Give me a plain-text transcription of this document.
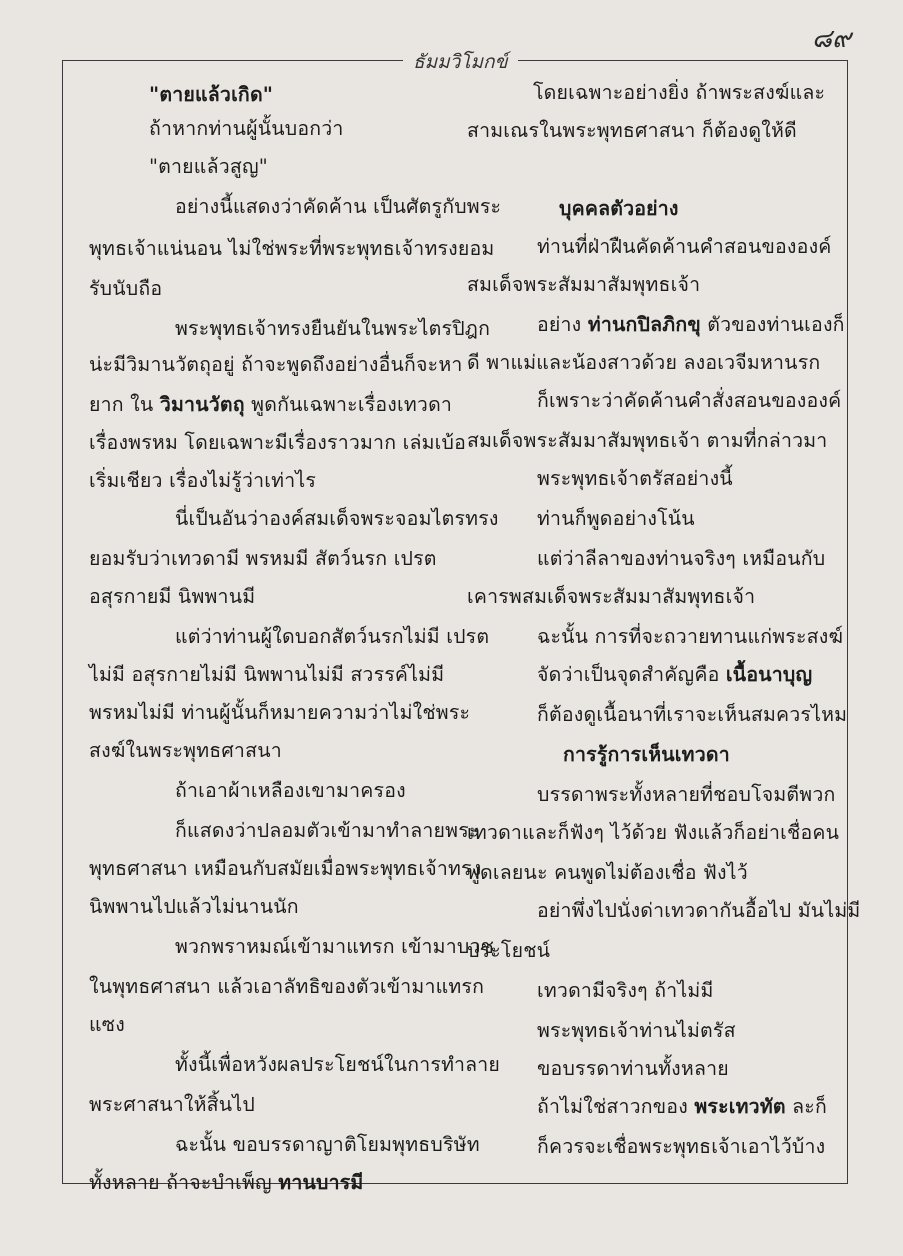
๘๙
ธัมมวิโมกข์
"ตายแล้วเกิด"
ถ้าหากท่านผู้นั้นบอกว่า
"ตายแล้วสูญ"
อย่างนี้แสดงว่าคัดค้าน เป็นศัตรูกับพระ
พุทธเจ้าแน่นอน ไม่ใช่พระที่พระพุทธเจ้าทรงยอม
รับนับถือ
พระพุทธเจ้าทรงยืนยันในพระไตรปิฎก
น่ะมีวิมานวัตถุอยู่ ถ้าจะพูดถึงอย่างอื่นก็จะหา
ยาก ใน วิมานวัตถุ พูดกันเฉพาะเรื่องเทวดา
เรื่องพรหม โดยเฉพาะมีเรื่องราวมาก เล่มเบ้อ
เริ่มเชียว เรื่องไม่รู้ว่าเท่าไร
นี่เป็นอันว่าองค์สมเด็จพระจอมไตรทรง
ยอมรับว่าเทวดามี พรหมมี สัตว์นรก เปรต
อสุรกายมี นิพพานมี
แต่ว่าท่านผู้ใดบอกสัตว์นรกไม่มี เปรต
ไม่มี อสุรกายไม่มี นิพพานไม่มี สวรรค์ไม่มี
พรหมไม่มี ท่านผู้นั้นก็หมายความว่าไม่ใช่พระ
สงฆ์ในพระพุทธศาสนา
ถ้าเอาผ้าเหลืองเขามาครอง
ก็แสดงว่าปลอมตัวเข้ามาทำลายพระ
พุทธศาสนา เหมือนกับสมัยเมื่อพระพุทธเจ้าทรง
นิพพานไปแล้วไม่นานนัก
พวกพราหมณ์เข้ามาแทรก เข้ามาบวช
ในพุทธศาสนา แล้วเอาลัทธิของตัวเข้ามาแทรก
แซง
ทั้งนี้เพื่อหวังผลประโยชน์ในการทำลาย
พระศาสนาให้สิ้นไป
ฉะนั้น ขอบรรดาญาติโยมพุทธบริษัท
ทั้งหลาย ถ้าจะบำเพ็ญ ทานบารมี
โดยเฉพาะอย่างยิ่ง ถ้าพระสงฆ์และ
สามเณรในพระพุทธศาสนา ก็ต้องดูให้ดี
บุคคลตัวอย่าง
ท่านที่ฝ่าฝืนคัดค้านคำสอนขององค์
สมเด็จพระสัมมาสัมพุทธเจ้า
อย่าง ท่านกปิลภิกขุ ตัวของท่านเองก็
ดี พาแม่และน้องสาวด้วย ลงอเวจีมหานรก
ก็เพราะว่าคัดค้านคำสั่งสอนขององค์
สมเด็จพระสัมมาสัมพุทธเจ้า ตามที่กล่าวมา
พระพุทธเจ้าตรัสอย่างนี้
ท่านก็พูดอย่างโน้น
แต่ว่าลีลาของท่านจริงๆ เหมือนกับ
เคารพสมเด็จพระสัมมาสัมพุทธเจ้า
ฉะนั้น การที่จะถวายทานแก่พระสงฆ์
จัดว่าเป็นจุดสำคัญคือ เนื้อนาบุญ
ก็ต้องดูเนื้อนาที่เราจะเห็นสมควรไหม
การรู้การเห็นเทวดา
บรรดาพระทั้งหลายที่ชอบโจมตีพวก
เทวดาและก็ฟังๆ ไว้ด้วย ฟังแล้วก็อย่าเชื่อคน
พูดเลยนะ คนพูดไม่ต้องเชื่อ ฟังไว้
อย่าพึ่งไปนั่งด่าเทวดากันอื้อไป มันไม่มี
ประโยชน์
เทวดามีจริงๆ ถ้าไม่มี
พระพุทธเจ้าท่านไม่ตรัส
ขอบรรดาท่านทั้งหลาย
ถ้าไม่ใช่สาวกของ พระเทวทัต ละก็
ก็ควรจะเชื่อพระพุทธเจ้าเอาไว้บ้าง
